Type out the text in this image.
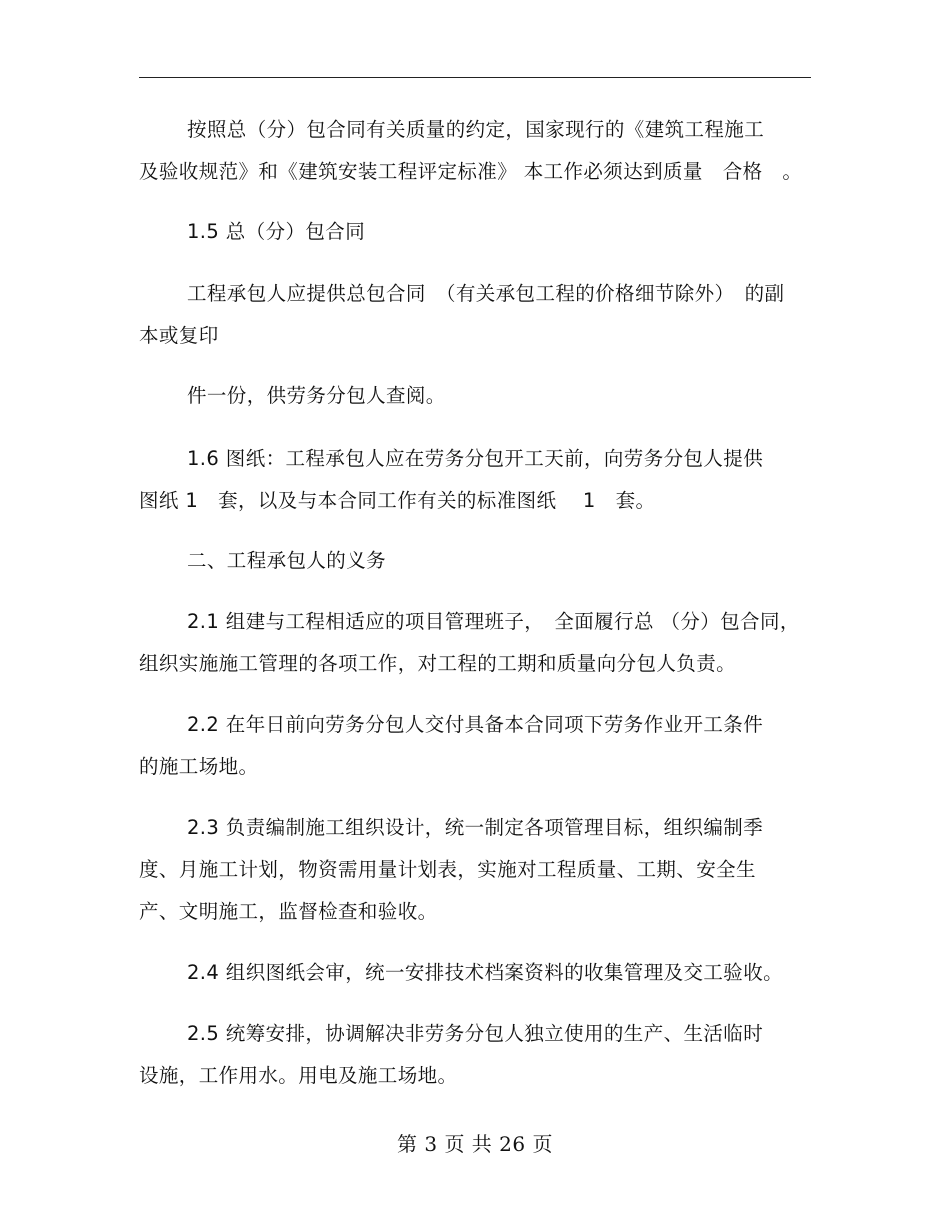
按照总（分）包合同有关质量的约定，国家现行的《建筑工程施工
及验收规范》和《建筑安装工程评定标准》 本工作必须达到质量　合格　。
1.5 总（分）包合同
工程承包人应提供总包合同　（有关承包工程的价格细节除外）　的副
本或复印
件一份，供劳务分包人查阅。
1.6 图纸：工程承包人应在劳务分包开工天前，向劳务分包人提供
图纸 1　套，以及与本合同工作有关的标准图纸　 1　套。
二、工程承包人的义务
2.1 组建与工程相适应的项目管理班子，　全面履行总 （分）包合同，
组织实施施工管理的各项工作，对工程的工期和质量向分包人负责。
2.2 在年日前向劳务分包人交付具备本合同项下劳务作业开工条件
的施工场地。
2.3 负责编制施工组织设计，统一制定各项管理目标，组织编制季
度、月施工计划，物资需用量计划表，实施对工程质量、工期、安全生
产、文明施工，监督检查和验收。
2.4 组织图纸会审，统一安排技术档案资料的收集管理及交工验收。
2.5 统筹安排，协调解决非劳务分包人独立使用的生产、生活临时
设施，工作用水。用电及施工场地。
第 3 页 共 26 页
